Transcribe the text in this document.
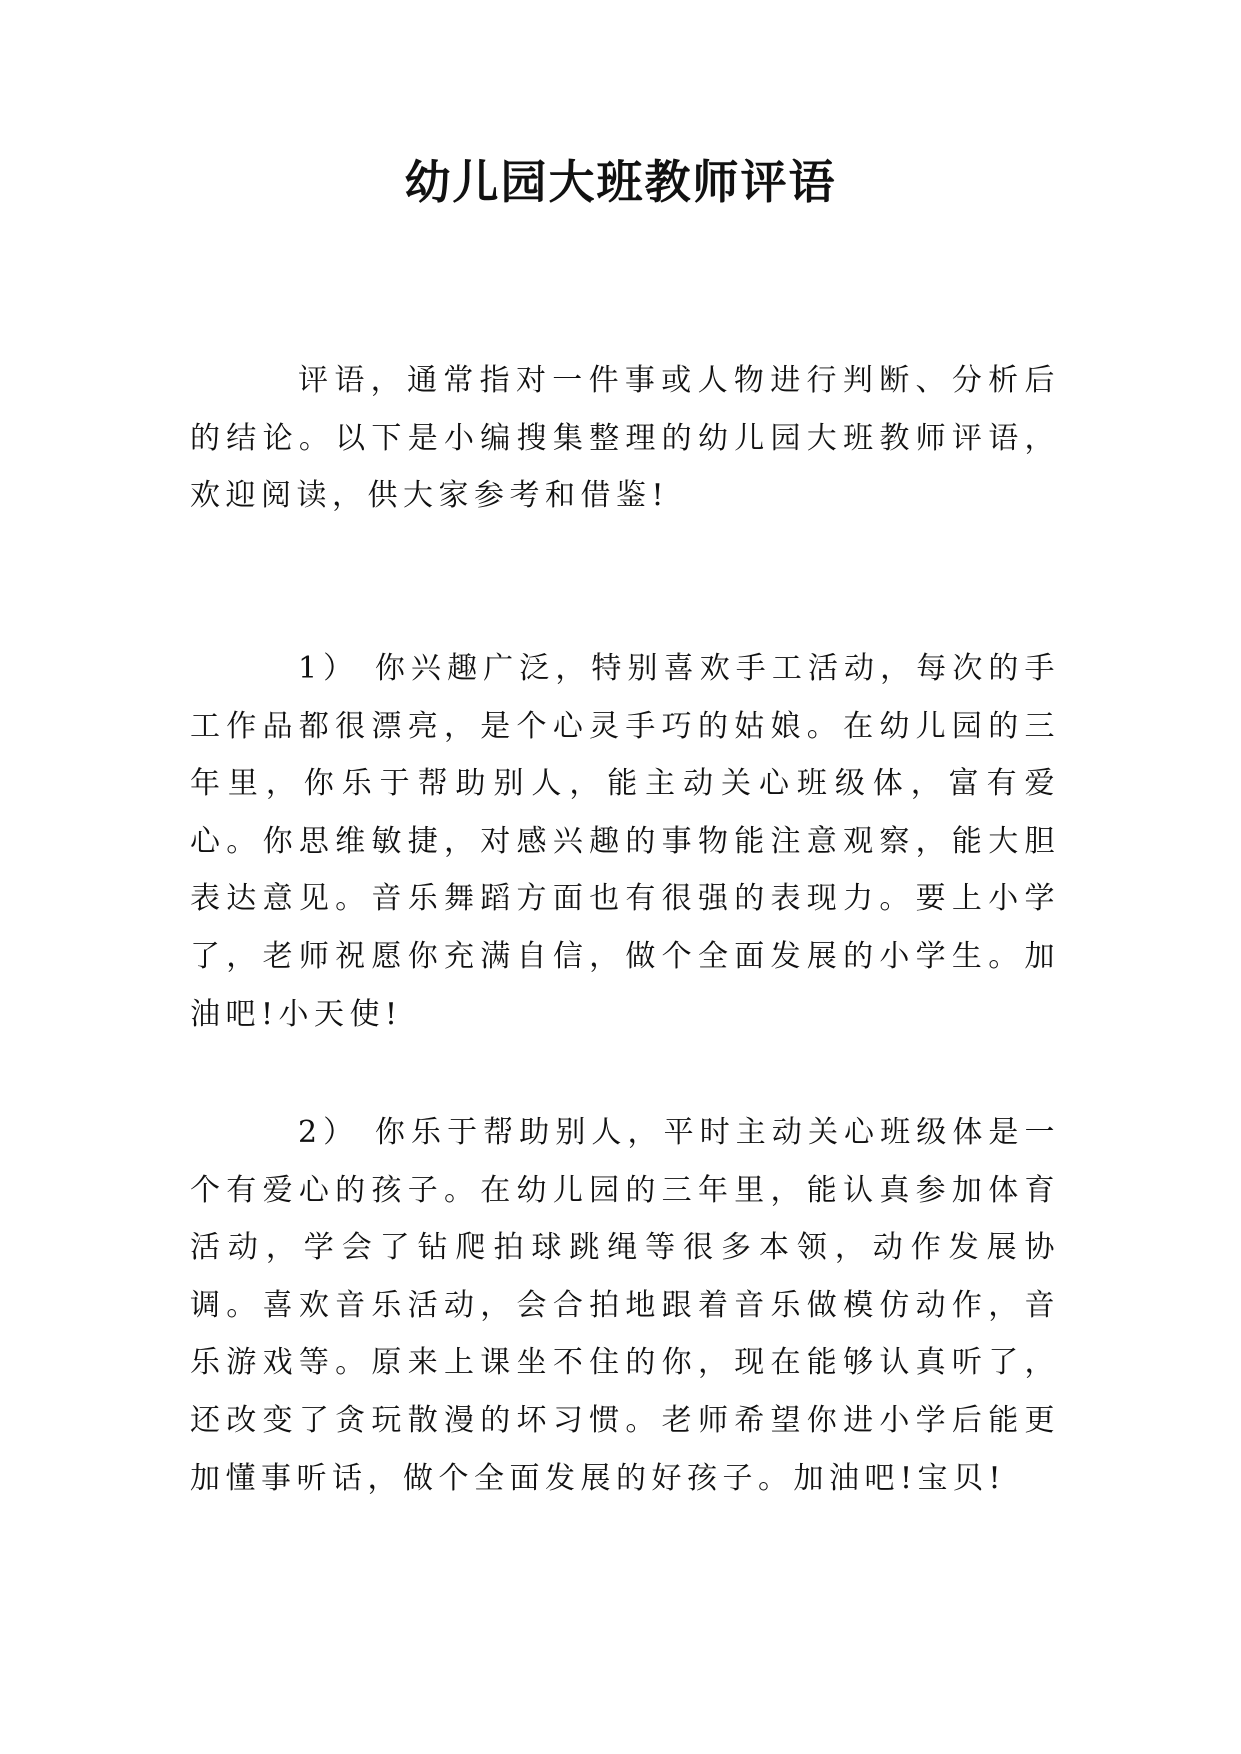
幼儿园大班教师评语

评语，通常指对一件事或人物进行判断、分析后的结论。以下是小编搜集整理的幼儿园大班教师评语，欢迎阅读，供大家参考和借鉴!

1） 你兴趣广泛，特别喜欢手工活动，每次的手工作品都很漂亮，是个心灵手巧的姑娘。在幼儿园的三年里，你乐于帮助别人，能主动关心班级体，富有爱心。你思维敏捷，对感兴趣的事物能注意观察，能大胆表达意见。音乐舞蹈方面也有很强的表现力。要上小学了，老师祝愿你充满自信，做个全面发展的小学生。加油吧!小天使!

2） 你乐于帮助别人，平时主动关心班级体是一个有爱心的孩子。在幼儿园的三年里，能认真参加体育活动，学会了钻爬拍球跳绳等很多本领，动作发展协调。喜欢音乐活动，会合拍地跟着音乐做模仿动作，音乐游戏等。原来上课坐不住的你，现在能够认真听了，还改变了贪玩散漫的坏习惯。老师希望你进小学后能更加懂事听话，做个全面发展的好孩子。加油吧!宝贝!
